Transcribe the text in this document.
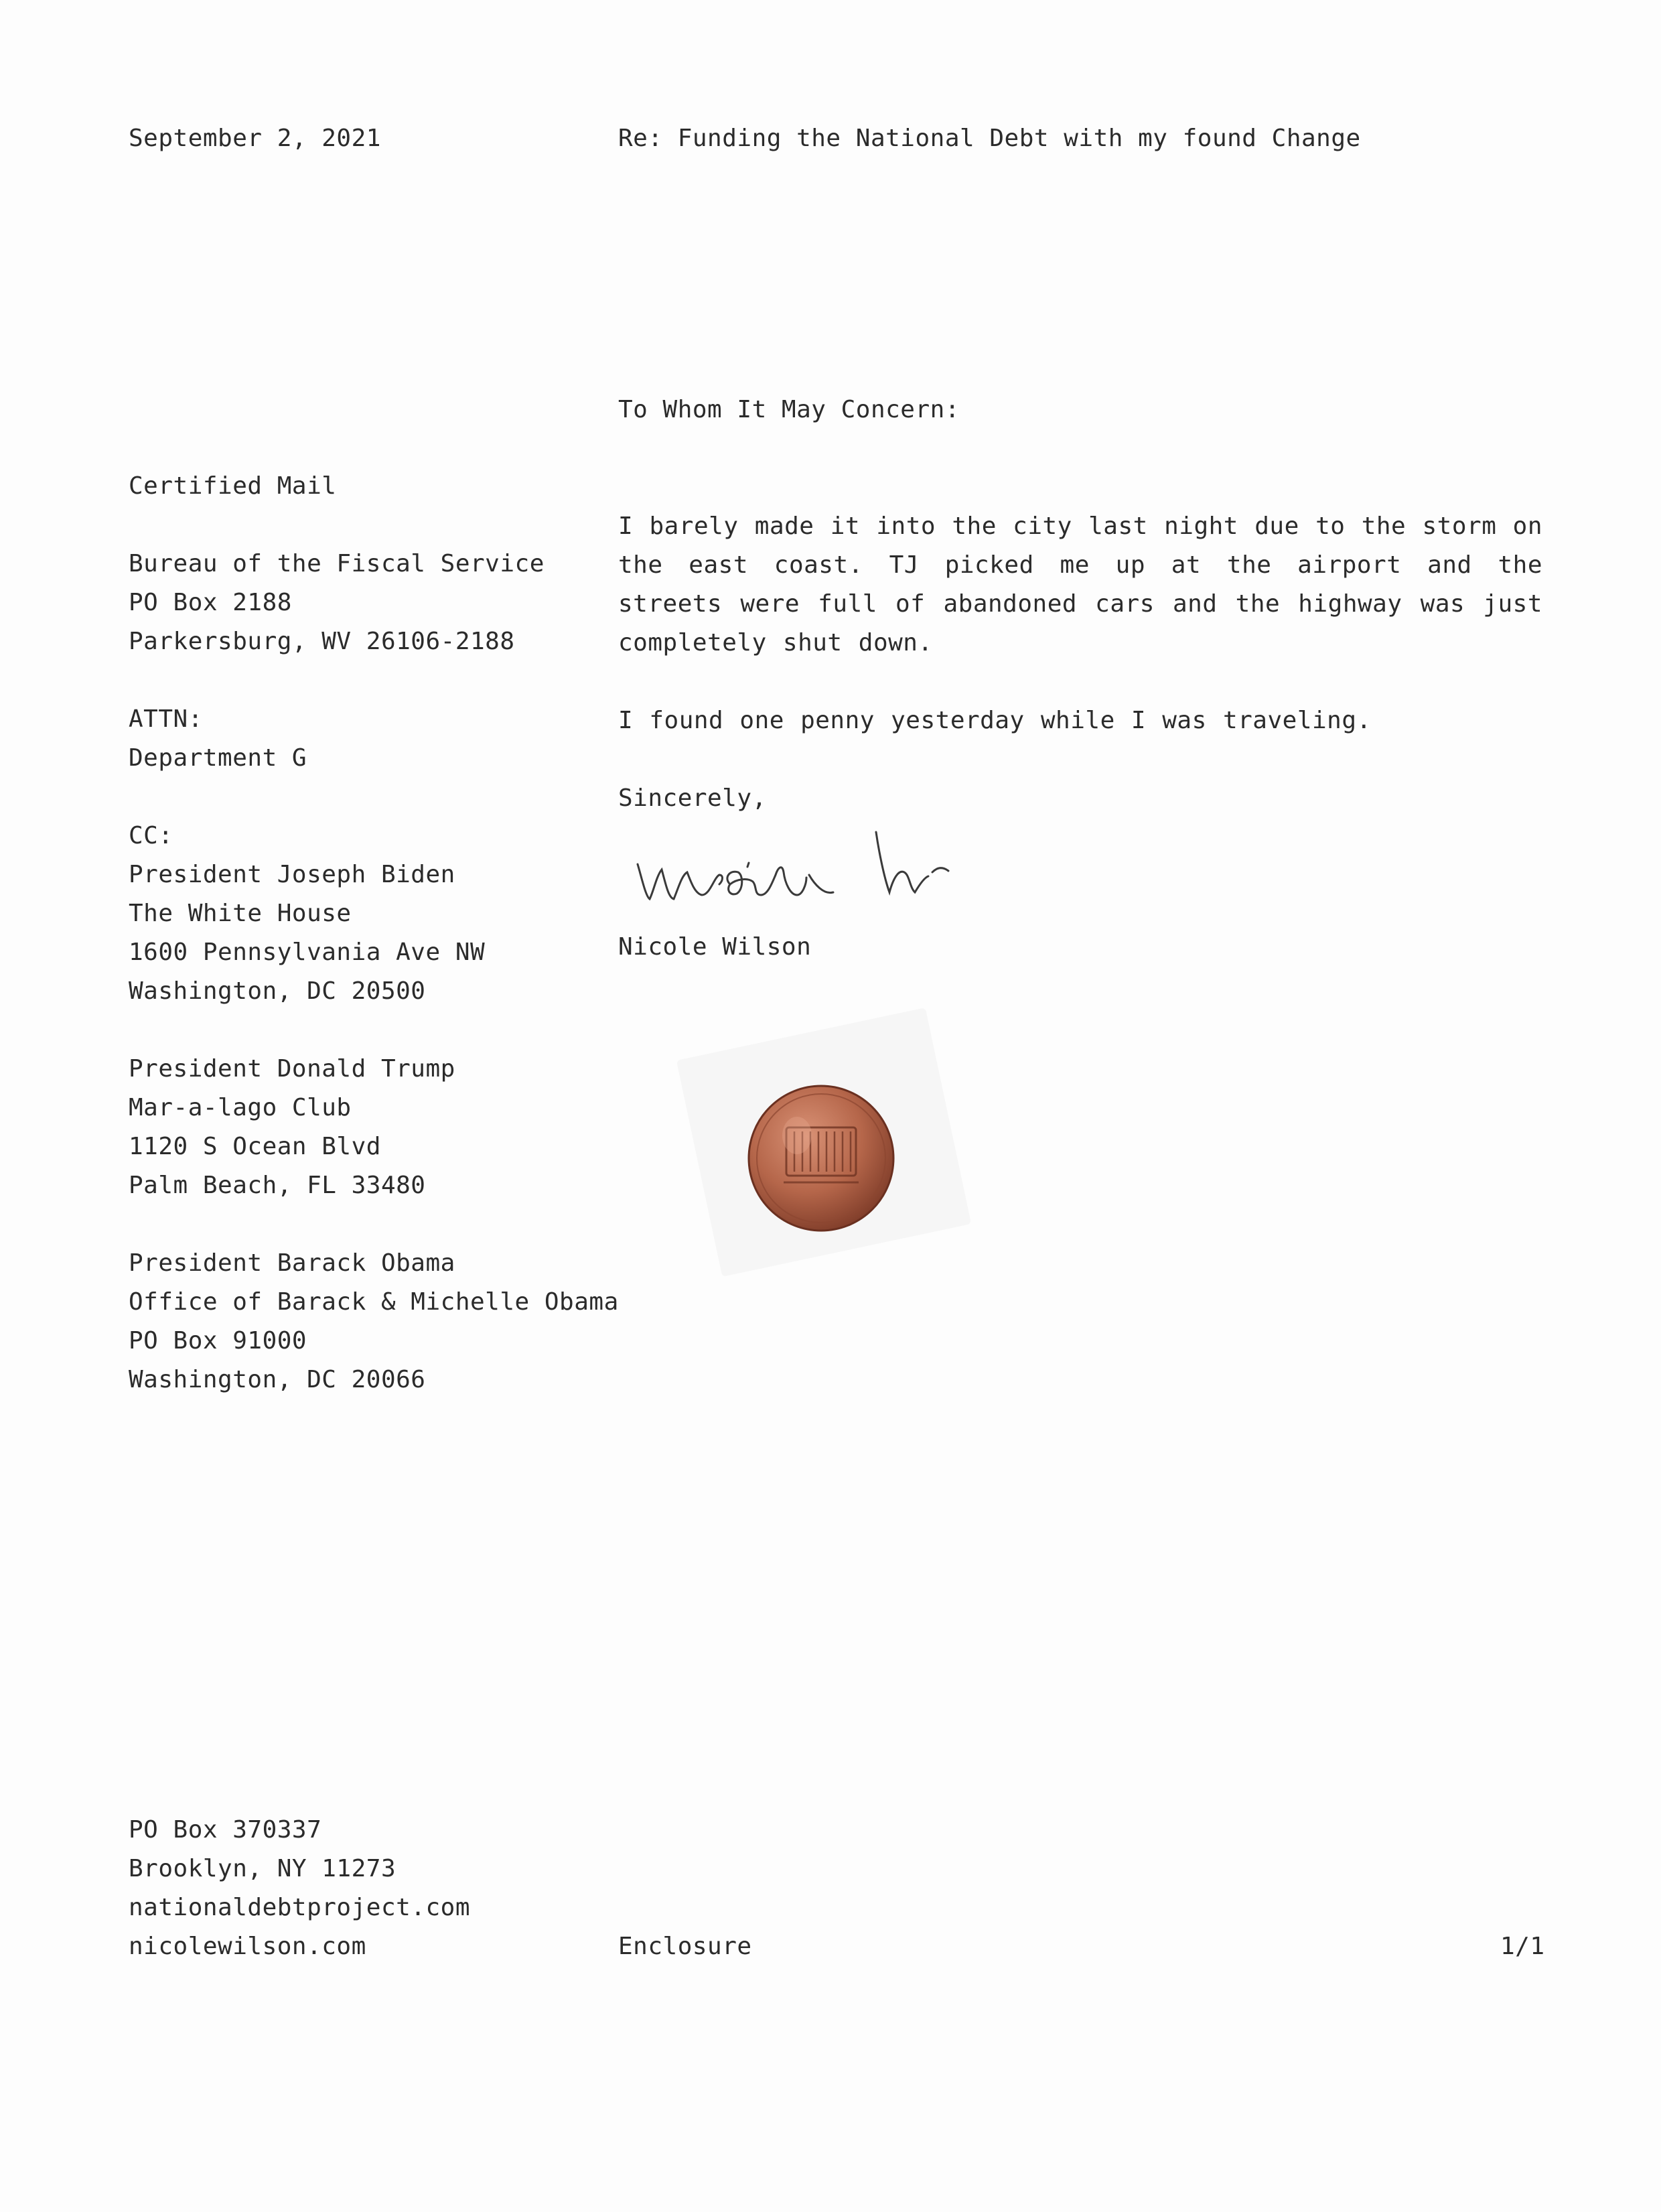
September 2, 2021	Re: Funding the National Debt with my found Change
To Whom It May Concern:
Certified Mail
Bureau of the Fiscal Service
PO Box 2188
Parkersburg, WV 26106-2188
ATTN:
Department G
CC:
President Joseph Biden
The White House
1600 Pennsylvania Ave NW
Washington, DC 20500
President Donald Trump
Mar-a-lago Club
1120 S Ocean Blvd
Palm Beach, FL 33480
President Barack Obama
Office of Barack & Michelle Obama
PO Box 91000
Washington, DC 20066

I barely made it into the city last night due to the storm on the east coast. TJ picked me up at the airport and the streets were full of abandoned cars and the highway was just completely shut down.

I found one penny yesterday while I was traveling.

Sincerely,

Nicole Wilson
PO Box 370337
Brooklyn, NY 11273
nationaldebtproject.com
nicolewilson.com	Enclosure	1/1
